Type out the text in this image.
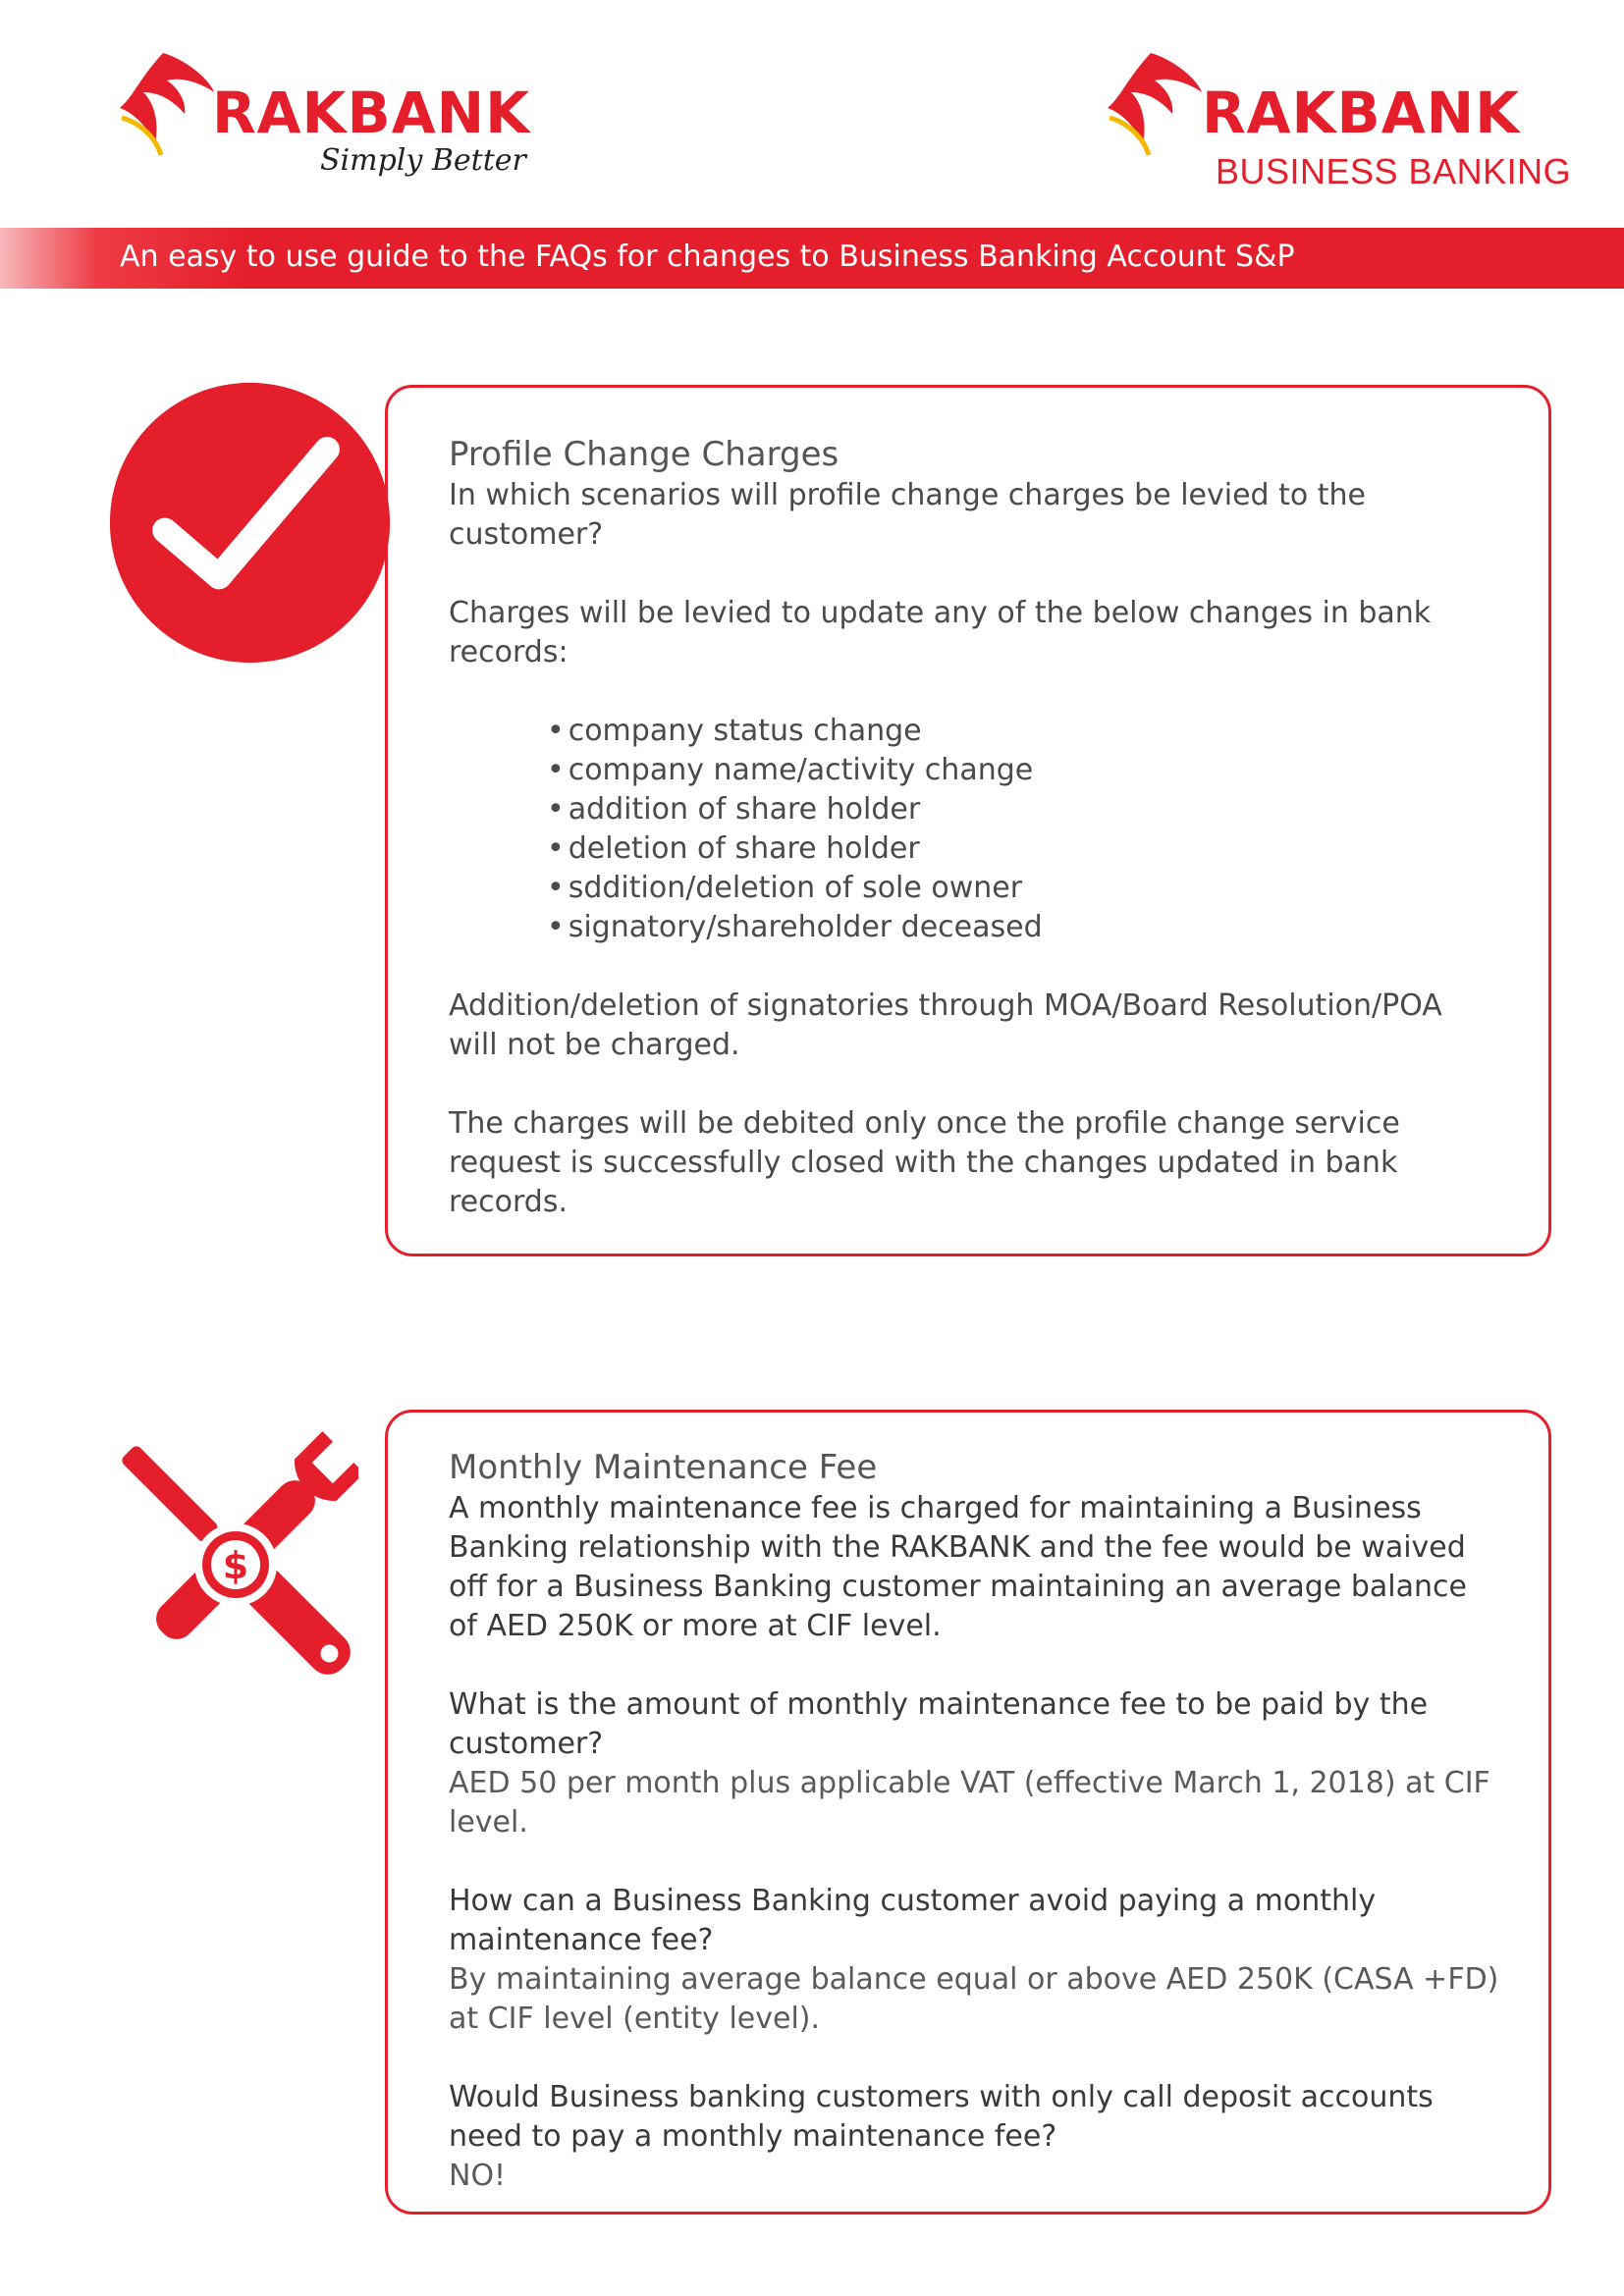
RAKBANK
Simply Better
RAKBANK
BUSINESS BANKING
An easy to use guide to the FAQs for changes to Business Banking Account S&P
Profile Change Charges

In which scenarios will profile change charges be levied to the customer?

Charges will be levied to update any of the below changes in bank records:

• company status change
• company name/activity change
• addition of share holder
• deletion of share holder
• sddition/deletion of sole owner
• signatory/shareholder deceased

Addition/deletion of signatories through MOA/Board Resolution/POA will not be charged.

The charges will be debited only once the profile change service request is successfully closed with the changes updated in bank records.

$
Monthly Maintenance Fee

A monthly maintenance fee is charged for maintaining a Business Banking relationship with the RAKBANK and the fee would be waived off for a Business Banking customer maintaining an average balance of AED 250K or more at CIF level.

What is the amount of monthly maintenance fee to be paid by the customer?

AED 50 per month plus applicable VAT (effective March 1, 2018) at CIF level.

How can a Business Banking customer avoid paying a monthly maintenance fee?

By maintaining average balance equal or above AED 250K (CASA +FD) at CIF level (entity level).

Would Business banking customers with only call deposit accounts need to pay a monthly maintenance fee?

NO!
